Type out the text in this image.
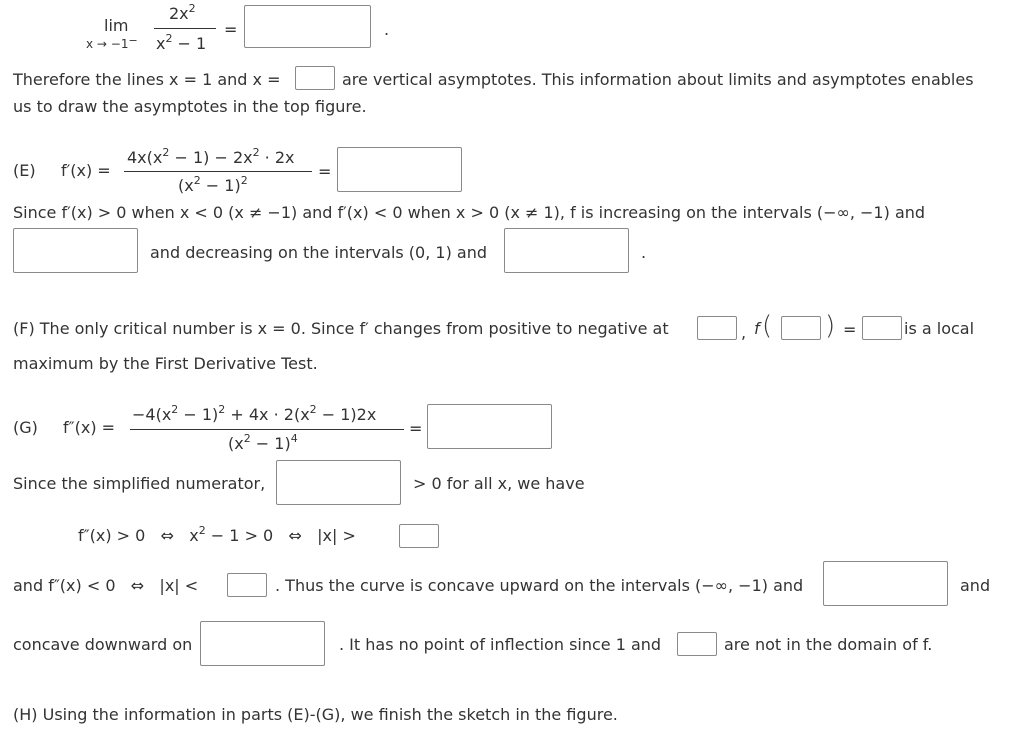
lim
x → −1−
$2x^2$
$x^2 - 1$
=	.
Therefore the lines x = 1 and x =	are vertical asymptotes. This information about limits and asymptotes enables
us to draw the asymptotes in the top figure.
(E) f′(x) =
$4x(x^2 - 1) - 2x^2 \cdot 2x$
$(x^2 - 1)^2$	=
Since f′(x) > 0 when x < 0 (x ≠ −1) and f′(x) < 0 when x > 0 (x ≠ 1), f is increasing on the intervals (−∞, −1) and
and decreasing on the intervals (0, 1) and	.
(F) The only critical number is x = 0. Since f′ changes from positive to negative at	, f ( ) =	is a local
maximum by the First Derivative Test.
(G) f″(x) =
$-4(x^2 - 1)^2 + 4x \cdot 2(x^2 - 1)2x$
$(x^2 - 1)^4$
=
Since the simplified numerator,	> 0 for all x, we have
f″(x) > 0   ⇔   $x^2 - 1 > 0$   ⇔   |x| >
and f″(x) < 0   ⇔   |x| <	. Thus the curve is concave upward on the intervals (−∞, −1) and	and
concave downward on	. It has no point of inflection since 1 and	are not in the domain of f.
(H) Using the information in parts (E)-(G), we finish the sketch in the figure.
